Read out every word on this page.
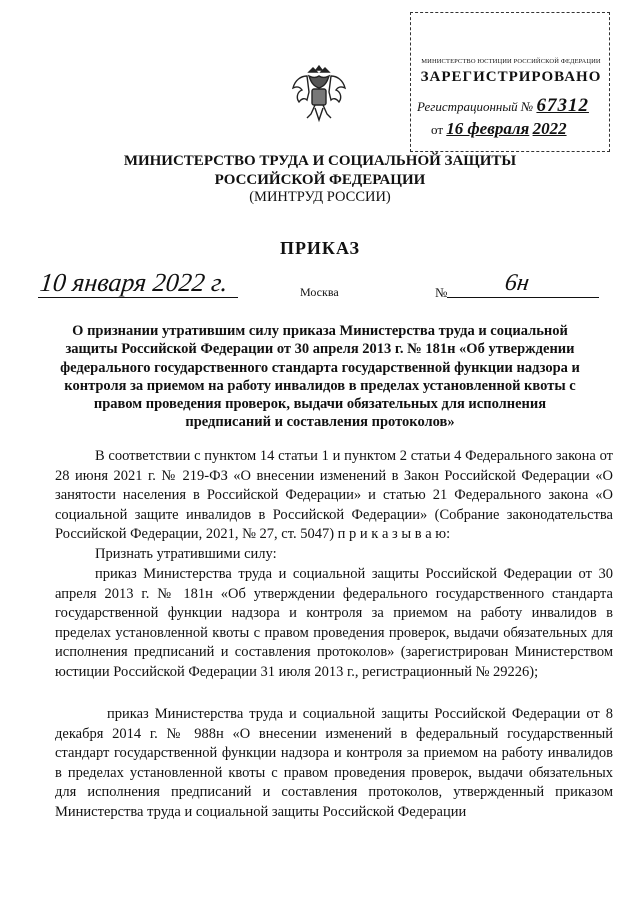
МИНИСТЕРСТВО ЮСТИЦИИ РОССИЙСКОЙ ФЕДЕРАЦИИ
ЗАРЕГИСТРИРОВАНО
Регистрационный № 67312
от 16 февраля 2022
МИНИСТЕРСТВО ТРУДА И СОЦИАЛЬНОЙ ЗАЩИТЫ
РОССИЙСКОЙ ФЕДЕРАЦИИ
(МИНТРУД РОССИИ)
ПРИКАЗ
10 января 2022 г.	Москва	№ 6н
О признании утратившим силу приказа Министерства труда и социальной защиты Российской Федерации от 30 апреля 2013 г. № 181н «Об утверждении федерального государственного стандарта государственной функции надзора и контроля за приемом на работу инвалидов в пределах установленной квоты с правом проведения проверок, выдачи обязательных для исполнения предписаний и составления протоколов»
В соответствии с пунктом 14 статьи 1 и пунктом 2 статьи 4 Федерального закона от 28 июня 2021 г. № 219-ФЗ «О внесении изменений в Закон Российской Федерации «О занятости населения в Российской Федерации» и статью 21 Федерального закона «О социальной защите инвалидов в Российской Федерации» (Собрание законодательства Российской Федерации, 2021, № 27, ст. 5047) п р и к а з ы в а ю:
Признать утратившими силу:
приказ Министерства труда и социальной защиты Российской Федерации от 30 апреля 2013 г. № 181н «Об утверждении федерального государственного стандарта государственной функции надзора и контроля за приемом на работу инвалидов в пределах установленной квоты с правом проведения проверок, выдачи обязательных для исполнения предписаний и составления протоколов» (зарегистрирован Министерством юстиции Российской Федерации 31 июля 2013 г., регистрационный № 29226);
приказ Министерства труда и социальной защиты Российской Федерации от 8 декабря 2014 г. № 988н «О внесении изменений в федеральный государственный стандарт государственной функции надзора и контроля за приемом на работу инвалидов в пределах установленной квоты с правом проведения проверок, выдачи обязательных для исполнения предписаний и составления протоколов, утвержденный приказом Министерства труда и социальной защиты Российской Федерации
